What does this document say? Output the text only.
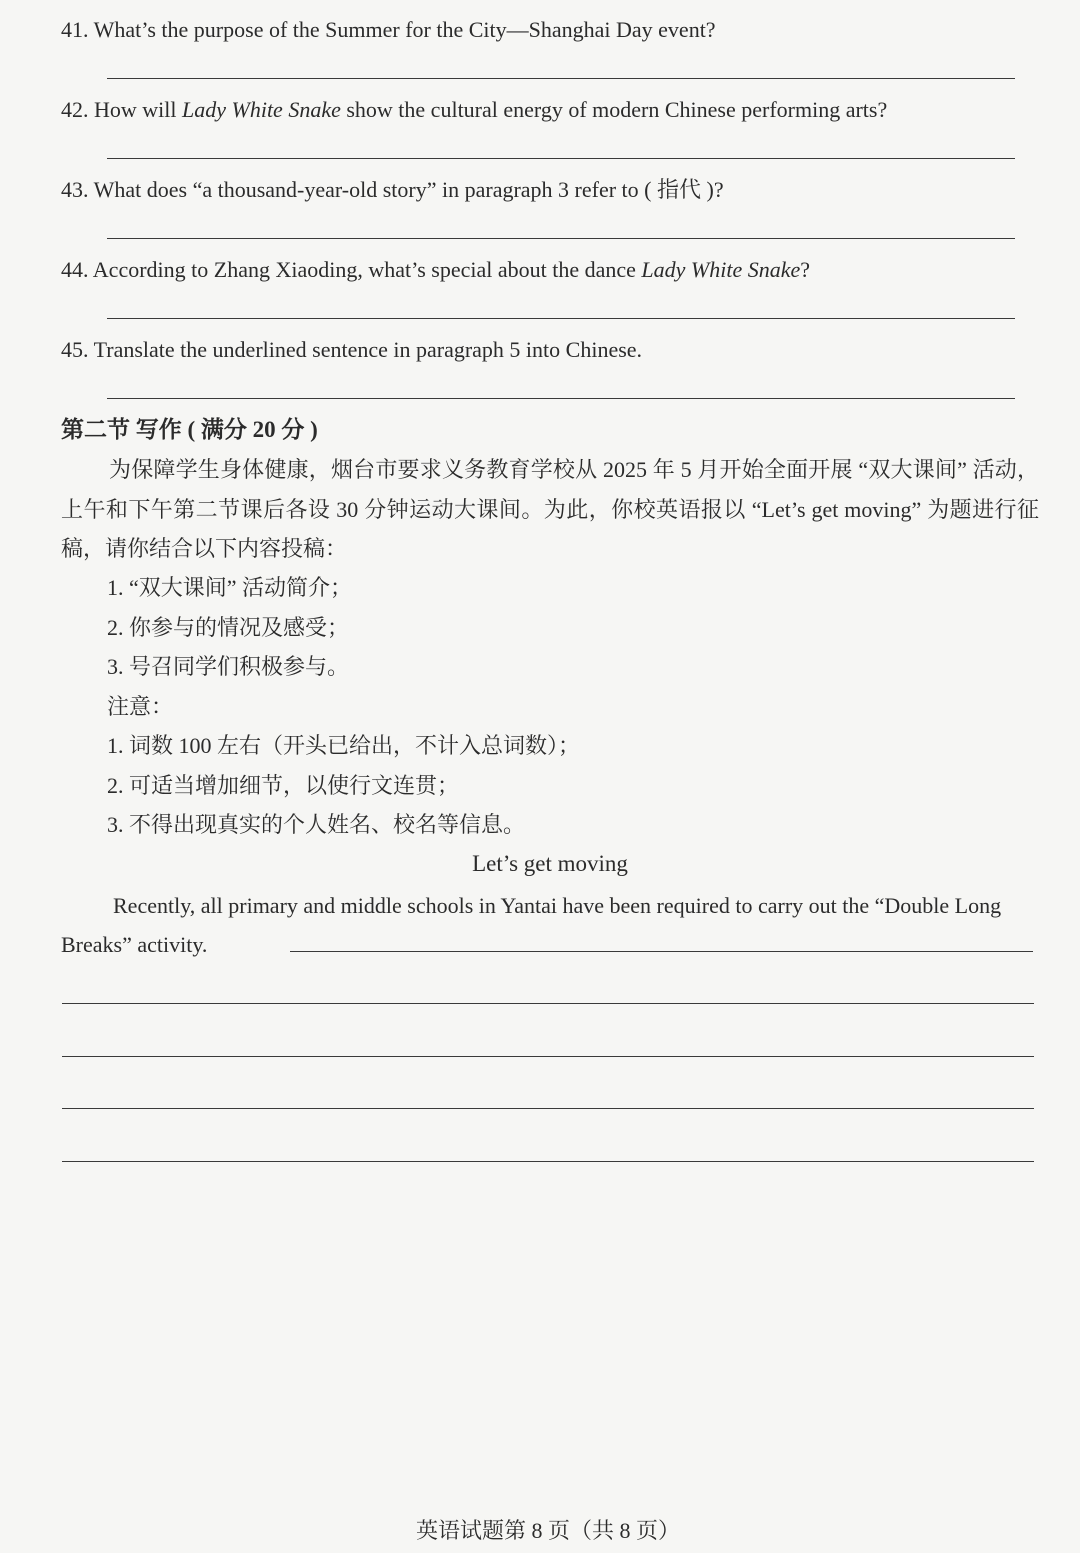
41. What’s the purpose of the Summer for the City—Shanghai Day event?
42. How will Lady White Snake show the cultural energy of modern Chinese performing arts?
43. What does “a thousand-year-old story” in paragraph 3 refer to ( 指代 )?
44. According to Zhang Xiaoding, what’s special about the dance Lady White Snake?
45. Translate the underlined sentence in paragraph 5 into Chinese.
第二节 写作 ( 满分 20 分 )
为保障学生身体健康，烟台市要求义务教育学校从 2025 年 5 月开始全面开展 “双大课间” 活动，上午和下午第二节课后各设 30 分钟运动大课间。为此，你校英语报以 “Let’s get moving” 为题进行征稿，请你结合以下内容投稿：
1. “双大课间” 活动简介；
2. 你参与的情况及感受；
3. 号召同学们积极参与。
注意：
1. 词数 100 左右（开头已给出，不计入总词数）；
2. 可适当增加细节，以使行文连贯；
3. 不得出现真实的个人姓名、校名等信息。
Let’s get moving
Recently, all primary and middle schools in Yantai have been required to carry out the “Double Long Breaks” activity.
英语试题第 8 页（共 8 页）
